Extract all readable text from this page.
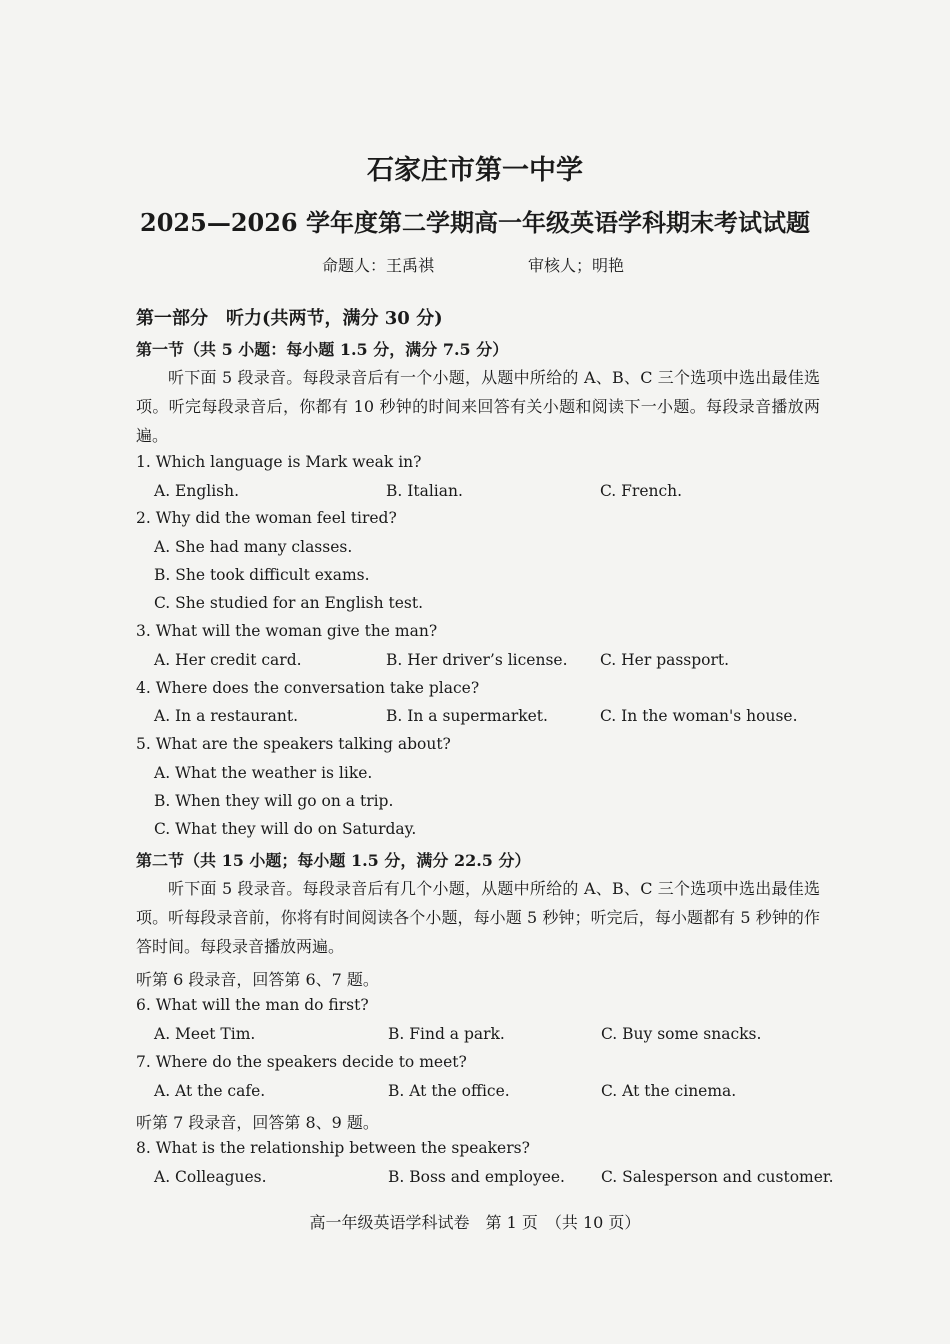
石家庄市第一中学
2025—2026 学年度第二学期高一年级英语学科期末考试试题
命题人：王禹祺	审核人；明艳
第一部分　听力(共两节，满分 30 分)
第一节（共 5 小题：每小题 1.5 分，满分 7.5 分）
听下面 5 段录音。每段录音后有一个小题，从题中所给的 A、B、C 三个选项中选出最佳选项。听完每段录音后，你都有 10 秒钟的时间来回答有关小题和阅读下一小题。每段录音播放两遍。
1. Which language is Mark weak in?
A. English.	B. Italian.	C. French.
2. Why did the woman feel tired?
A. She had many classes.
B. She took difficult exams.
C. She studied for an English test.
3. What will the woman give the man?
A. Her credit card.	B. Her driver’s license. C. Her passport.
4. Where does the conversation take place?
A. In a restaurant.	B. In a supermarket.	C. In the woman's house.
5. What are the speakers talking about?
A. What the weather is like.
B. When they will go on a trip.
C. What they will do on Saturday.
第二节（共 15 小题；每小题 1.5 分，满分 22.5 分）
听下面 5 段录音。每段录音后有几个小题，从题中所给的 A、B、C 三个选项中选出最佳选项。听每段录音前，你将有时间阅读各个小题，每小题 5 秒钟；听完后，每小题都有 5 秒钟的作答时间。每段录音播放两遍。
听第 6 段录音，回答第 6、7 题。
6. What will the man do first?
A. Meet Tim.	B. Find a park.	C. Buy some snacks.
7. Where do the speakers decide to meet?
A. At the cafe.	B. At the office.	C. At the cinema.
听第 7 段录音，回答第 8、9 题。
8. What is the relationship between the speakers?
A. Colleagues.	B. Boss and employee. C. Salesperson and customer.
高一年级英语学科试卷　第 1 页　（共 10 页）
